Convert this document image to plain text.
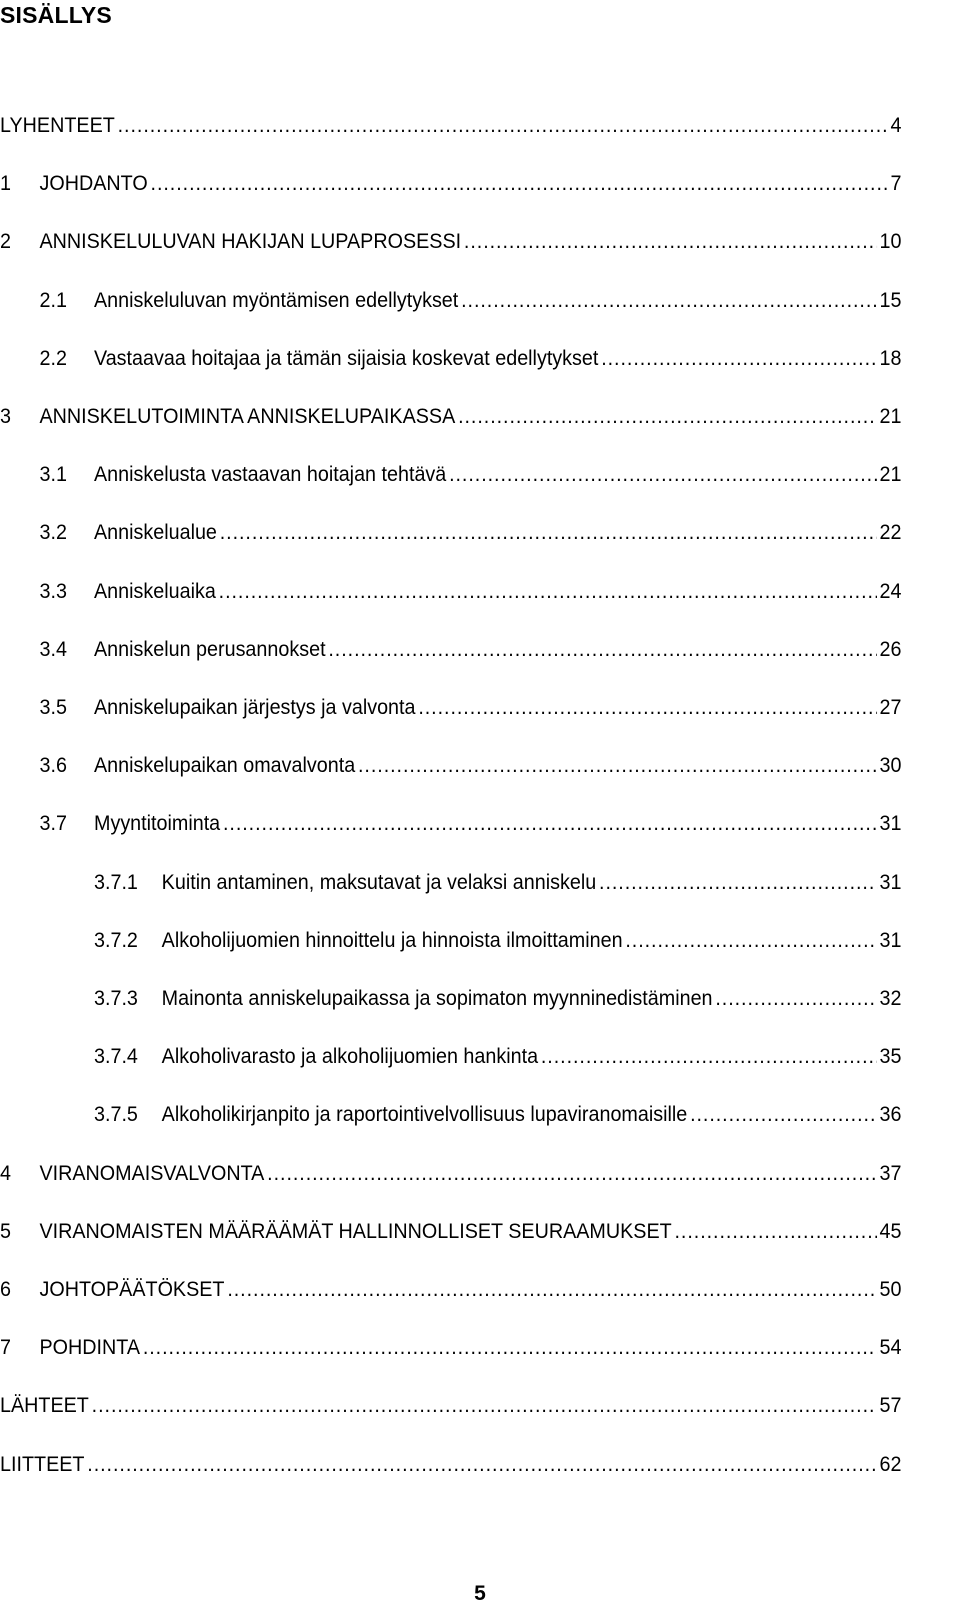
SISÄLLYS
LYHENTEET .....	4
1	JOHDANTO .....	7
2	ANNISKELULUVAN HAKIJAN LUPAPROSESSI .....	10
2.1	Anniskeluluvan myöntämisen edellytykset .....	15
2.2	Vastaavaa hoitajaa ja tämän sijaisia koskevat edellytykset .....	18
3	ANNISKELUTOIMINTA ANNISKELUPAIKASSA .....	21
3.1	Anniskelusta vastaavan hoitajan tehtävä .....	21
3.2	Anniskelualue .....	22
3.3	Anniskeluaika .....	24
3.4	Anniskelun perusannokset .....	26
3.5	Anniskelupaikan järjestys ja valvonta .....	27
3.6	Anniskelupaikan omavalvonta .....	30
3.7	Myyntitoiminta .....	31
3.7.1	Kuitin antaminen, maksutavat ja velaksi anniskelu .....	31
3.7.2	Alkoholijuomien hinnoittelu ja hinnoista ilmoittaminen .....	31
3.7.3	Mainonta anniskelupaikassa ja sopimaton myynninedistäminen .....	32
3.7.4	Alkoholivarasto ja alkoholijuomien hankinta .....	35
3.7.5	Alkoholikirjanpito ja raportointivelvollisuus lupaviranomaisille .....	36
4	VIRANOMAISVALVONTA .....	37
5	VIRANOMAISTEN MÄÄRÄÄMÄT HALLINNOLLISET SEURAAMUKSET .....	45
6	JOHTOPÄÄTÖKSET .....	50
7	POHDINTA .....	54
LÄHTEET .....	57
LIITTEET .....	62
5
